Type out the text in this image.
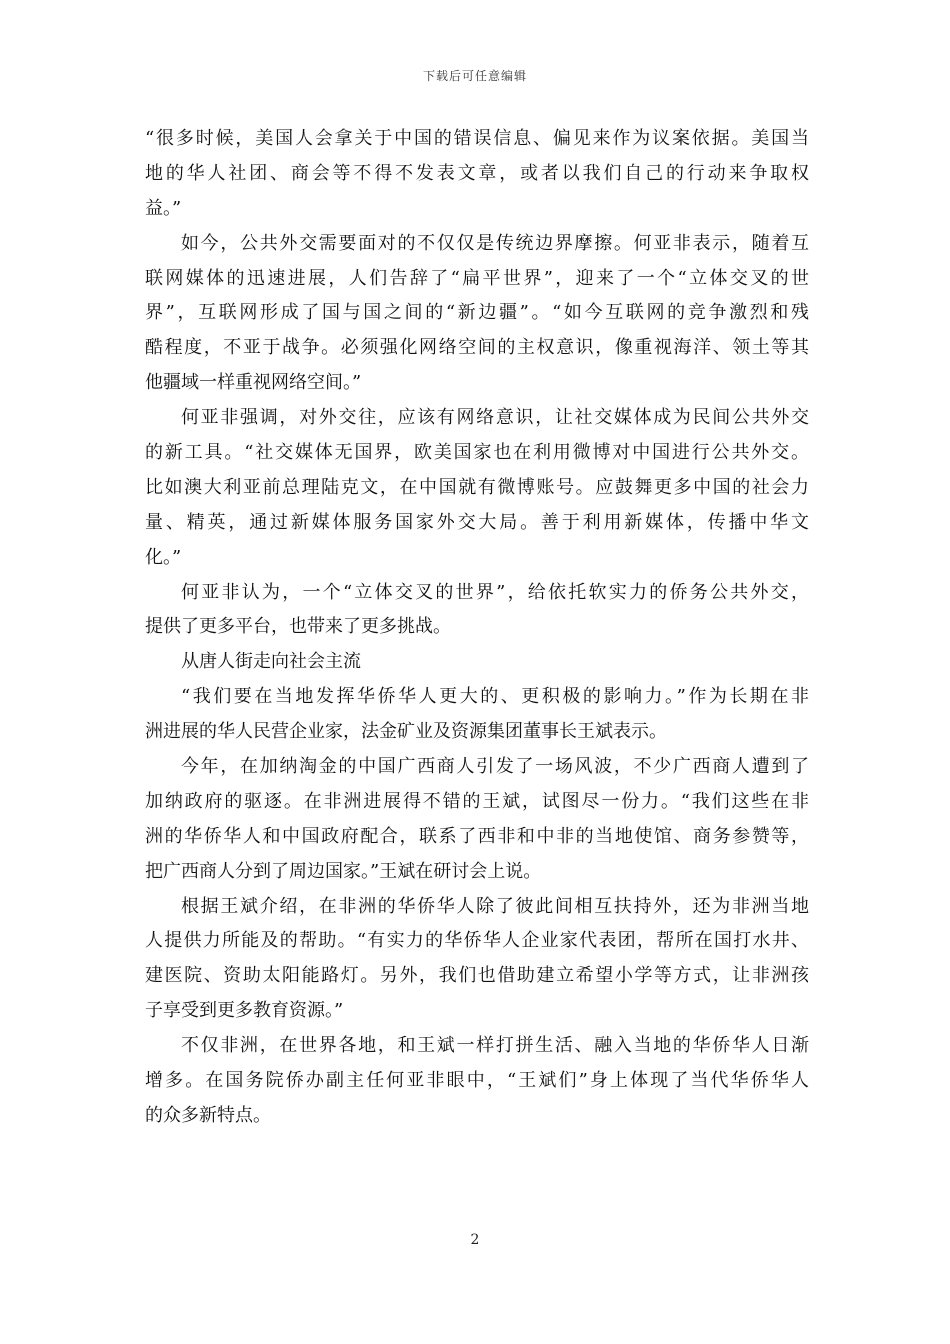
下载后可任意编辑
“很多时候，美国人会拿关于中国的错误信息、偏见来作为议案依据。美国当
地的华人社团、商会等不得不发表文章，或者以我们自己的行动来争取权
益。”
如今，公共外交需要面对的不仅仅是传统边界摩擦。何亚非表示，随着互
联网媒体的迅速进展，人们告辞了“扁平世界”，迎来了一个“立体交叉的世
界”，互联网形成了国与国之间的“新边疆”。“如今互联网的竞争激烈和残
酷程度，不亚于战争。必须强化网络空间的主权意识，像重视海洋、领土等其
他疆域一样重视网络空间。”
何亚非强调，对外交往，应该有网络意识，让社交媒体成为民间公共外交
的新工具。“社交媒体无国界，欧美国家也在利用微博对中国进行公共外交。
比如澳大利亚前总理陆克文，在中国就有微博账号。应鼓舞更多中国的社会力
量、精英，通过新媒体服务国家外交大局。善于利用新媒体，传播中华文
化。”
何亚非认为，一个“立体交叉的世界”，给依托软实力的侨务公共外交，
提供了更多平台，也带来了更多挑战。
从唐人街走向社会主流
“我们要在当地发挥华侨华人更大的、更积极的影响力。”作为长期在非
洲进展的华人民营企业家，法金矿业及资源集团董事长王斌表示。
今年，在加纳淘金的中国广西商人引发了一场风波，不少广西商人遭到了
加纳政府的驱逐。在非洲进展得不错的王斌，试图尽一份力。“我们这些在非
洲的华侨华人和中国政府配合，联系了西非和中非的当地使馆、商务参赞等，
把广西商人分到了周边国家。”王斌在研讨会上说。
根据王斌介绍，在非洲的华侨华人除了彼此间相互扶持外，还为非洲当地
人提供力所能及的帮助。“有实力的华侨华人企业家代表团，帮所在国打水井、
建医院、资助太阳能路灯。另外，我们也借助建立希望小学等方式，让非洲孩
子享受到更多教育资源。”
不仅非洲，在世界各地，和王斌一样打拼生活、融入当地的华侨华人日渐
增多。在国务院侨办副主任何亚非眼中，“王斌们”身上体现了当代华侨华人
的众多新特点。
2
